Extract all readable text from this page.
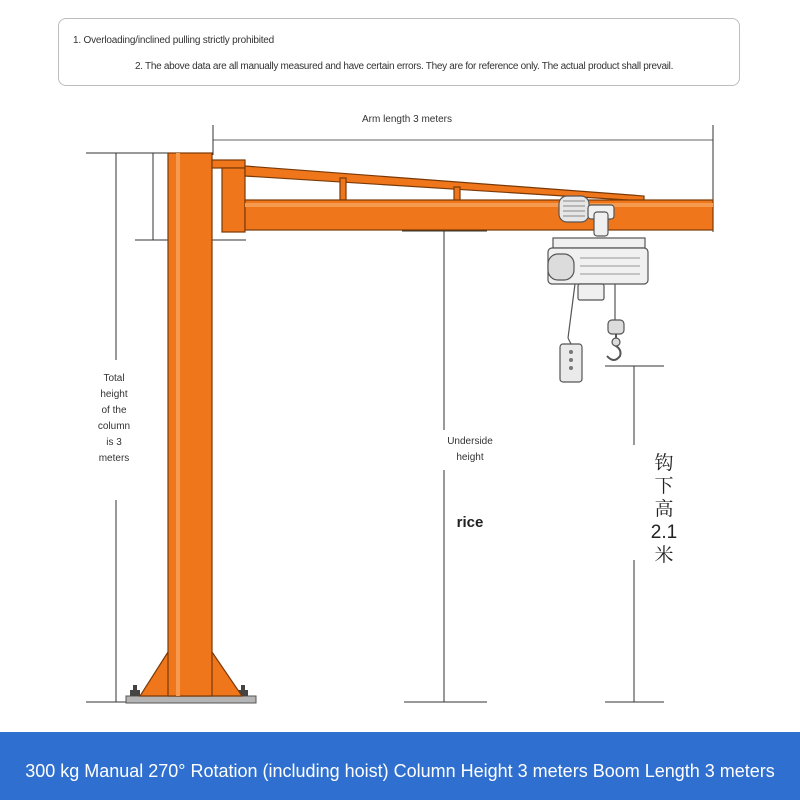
1. Overloading/inclined pulling strictly prohibited
2. The above data are all manually measured and have certain errors. They are for reference only. The actual product shall prevail.
Arm length 3 meters
Total
height
of the
column
is 3
meters
Underside
height
rice
钩
下
高
2.1
米
300 kg Manual 270° Rotation (including hoist) Column Height 3 meters Boom Length 3 meters
